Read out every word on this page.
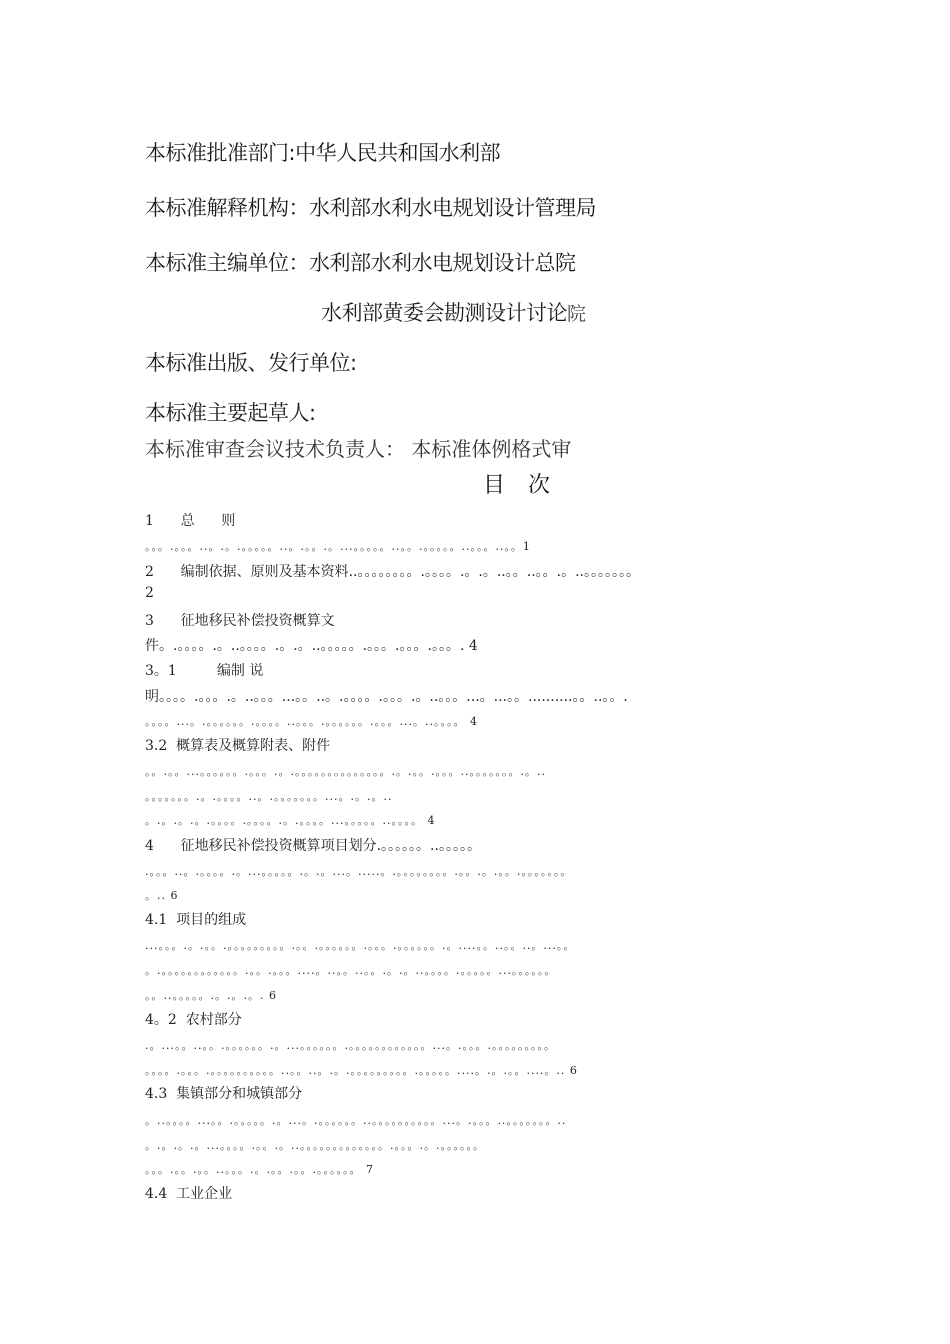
本标准批准部门:中华人民共和国水利部
本标准解释机构：水利部水利水电规划设计管理局
本标准主编单位：水利部水利水电规划设计总院
水利部黄委会勘测设计讨论院
本标准出版、发行单位:
本标准主要起草人:
本标准审查会议技术负责人： 本标准体例格式审
目 次
1      总      则
。。。.。。。..。.。.。。。。。..。.。。.。...。。。。。..。。.。。。。。..。。。..。。1
2      编制依据、原则及基本资料..。。。。。。。。.。。。。.。.。..。。..。。.。..。。。。。。。
2
3      征地移民补偿投资概算文
件。.。。。。.。..。。。。.。.。..。。。。。.。。。.。。。.。。。. 4
3。1         编制 说
明。。。。.。。。.。..。。。...。。..。.。。。。.。。。.。..。。。...。...。。..........。。..。。.
。。。。...。.。。。。。。.。。。。..。。。.。。。。。。.。。。...。..。。。。 4
3.2  概算表及概算附表、附件
。。.。。...。。。。。。.。。。.。.。。。。。。。。。。。。。。.。.。。.。。。..。。。。。。。.。..
。。。。。。。.。.。。。。..。.。。。。。。。...。.。.。..
。.。.。.。.。。。。.。。。。.。.。。。。...。。。。。..。。。。 4
4      征地移民补偿投资概算项目划分.。。。。。。..。。。。。
.。。。..。.。。。。.。...。。。。。.。.。...。.....。.。。。。。。。。.。。.。.。。.。。。。。。。
。.. 6
4.1  项目的组成
...。。。.。.。。.。。。。。。。。。.。。.。。。。。。.。。。.。。。。。。.。....。。..。。..。...。。
。.。。。。。。。。。。。。.。。.。。。....。..。。..。。.。.。..。。。。.。。。。。...。。。。。。
。。..。。。。。.。.。.。. 6
4。2  农村部分
.。...。。..。。.。。。。。。.。...。。。。。。.。。。。。。。。。。。。...。.。。。.。。。。。。。。。
。。。。.。。。.。。。。。。。。。。..。。..。.。.。。。。。。。。。.。。。。。....。.。.。。....。.. 6
4.3  集镇部分和城镇部分
。..。。。。...。。.。。。。。.。...。.。。。。。。..。。。。。。。。。。...。.。。。..。。。。。。。..
。.。.。.。...。。。。.。。.。..。。。。。。。。。。。。。.。。。.。.。。。。。。
。。。.。。.。。..。。。.。.。。.。。.。。。。。。 7
4.4  工业企业
